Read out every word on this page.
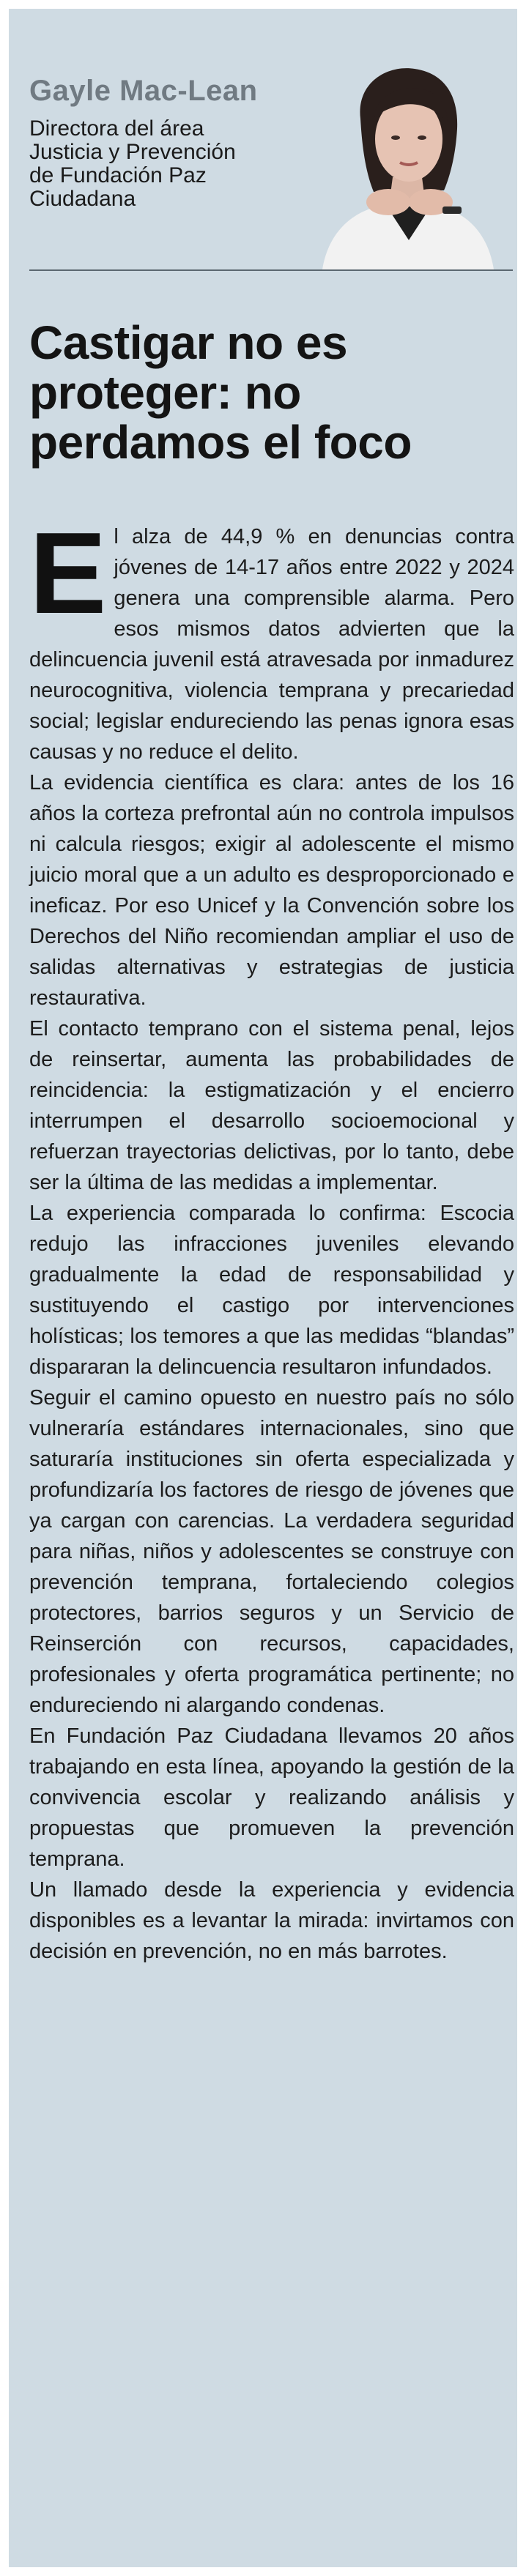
Gayle Mac-Lean

Directora del área
Justicia y Prevención
de Fundación Paz
Ciudadana

Castigar no es proteger: no perdamos el foco

El alza de 44,9 % en denuncias contra jóvenes de 14-17 años entre 2022 y 2024 genera una comprensible alarma. Pero esos mismos datos advierten que la delincuencia juvenil está atravesada por inmadurez neurocognitiva, violencia temprana y precariedad social; legislar endureciendo las penas ignora esas causas y no reduce el delito.

La evidencia científica es clara: antes de los 16 años la corteza prefrontal aún no controla impulsos ni calcula riesgos; exigir al adolescente el mismo juicio moral que a un adulto es desproporcionado e ineficaz. Por eso Unicef y la Convención sobre los Derechos del Niño recomiendan ampliar el uso de salidas alternativas y estrategias de justicia restaurativa.

El contacto temprano con el sistema penal, lejos de reinsertar, aumenta las probabilidades de reincidencia: la estigmatización y el encierro interrumpen el desarrollo socioemocional y refuerzan trayectorias delictivas, por lo tanto, debe ser la última de las medidas a implementar.

La experiencia comparada lo confirma: Escocia redujo las infracciones juveniles elevando gradualmente la edad de responsabilidad y sustituyendo el castigo por intervenciones holísticas; los temores a que las medidas “blandas” dispararan la delincuencia resultaron infundados.

Seguir el camino opuesto en nuestro país no sólo vulneraría estándares internacionales, sino que saturaría instituciones sin oferta especializada y profundizaría los factores de riesgo de jóvenes que ya cargan con carencias. La verdadera seguridad para niñas, niños y adolescentes se construye con prevención temprana, fortaleciendo colegios protectores, barrios seguros y un Servicio de Reinserción con recursos, capacidades, profesionales y oferta programática pertinente; no endureciendo ni alargando condenas.

En Fundación Paz Ciudadana llevamos 20 años trabajando en esta línea, apoyando la gestión de la convivencia escolar y realizando análisis y propuestas que promueven la prevención temprana.

Un llamado desde la experiencia y evidencia disponibles es a levantar la mirada: invirtamos con decisión en prevención, no en más barrotes.
